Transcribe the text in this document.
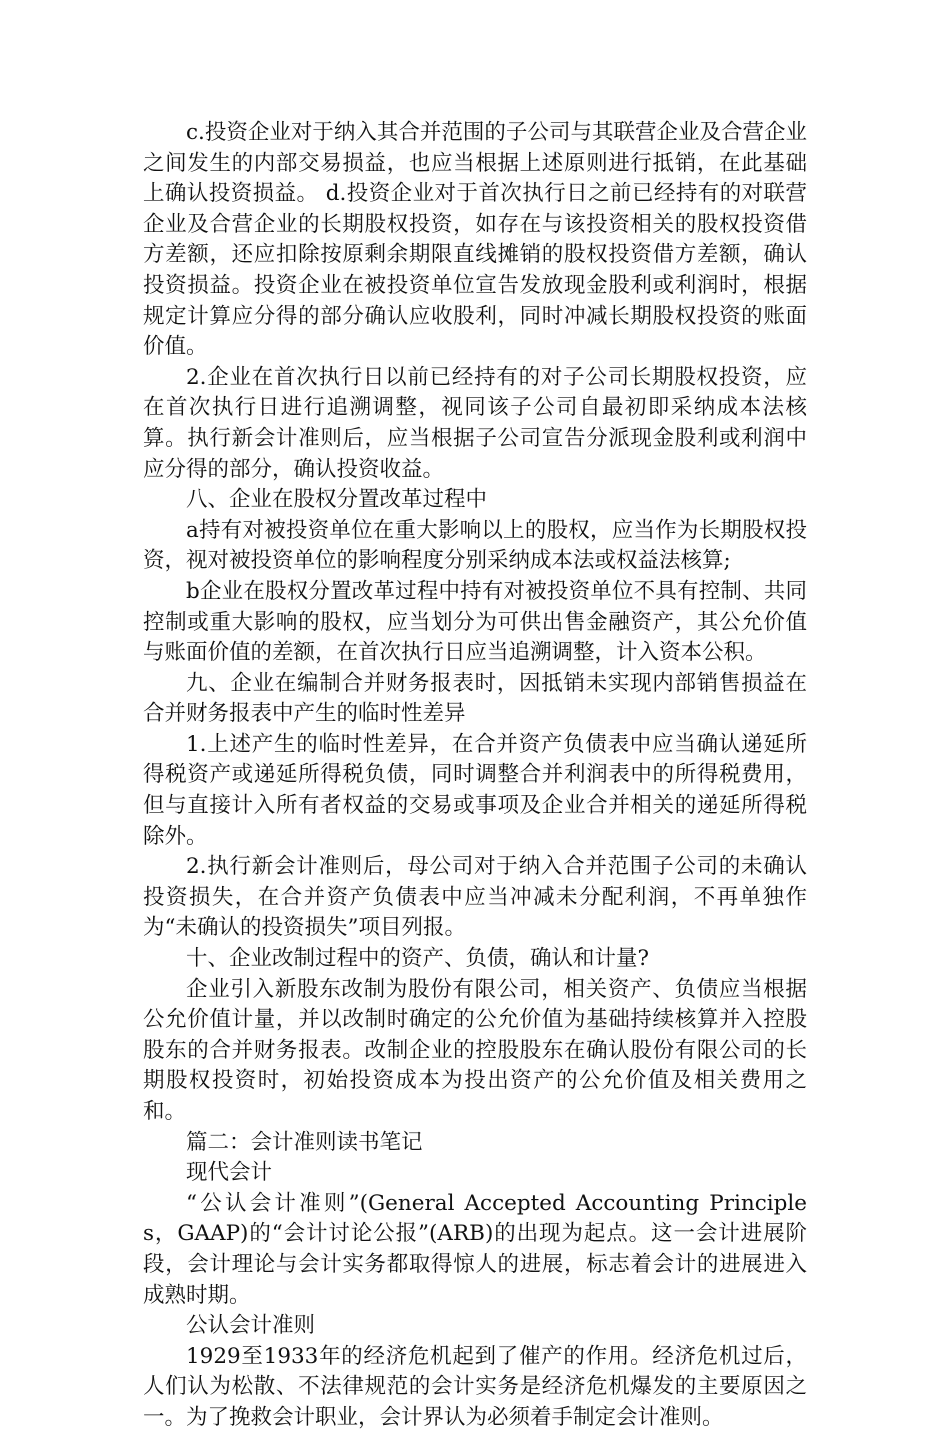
c.投资企业对于纳入其合并范围的子公司与其联营企业及合营企业之间发生的内部交易损益，也应当根据上述原则进行抵销，在此基础上确认投资损益。 d.投资企业对于首次执行日之前已经持有的对联营企业及合营企业的长期股权投资，如存在与该投资相关的股权投资借方差额，还应扣除按原剩余期限直线摊销的股权投资借方差额，确认投资损益。投资企业在被投资单位宣告发放现金股利或利润时，根据规定计算应分得的部分确认应收股利，同时冲减长期股权投资的账面价值。

2.企业在首次执行日以前已经持有的对子公司长期股权投资，应在首次执行日进行追溯调整，视同该子公司自最初即采纳成本法核算。执行新会计准则后，应当根据子公司宣告分派现金股利或利润中应分得的部分，确认投资收益。

八、企业在股权分置改革过程中

a持有对被投资单位在重大影响以上的股权，应当作为长期股权投资，视对被投资单位的影响程度分别采纳成本法或权益法核算;

b企业在股权分置改革过程中持有对被投资单位不具有控制、共同控制或重大影响的股权，应当划分为可供出售金融资产，其公允价值与账面价值的差额，在首次执行日应当追溯调整，计入资本公积。

九、企业在编制合并财务报表时，因抵销未实现内部销售损益在合并财务报表中产生的临时性差异

1.上述产生的临时性差异，在合并资产负债表中应当确认递延所得税资产或递延所得税负债，同时调整合并利润表中的所得税费用，但与直接计入所有者权益的交易或事项及企业合并相关的递延所得税除外。

2.执行新会计准则后，母公司对于纳入合并范围子公司的未确认投资损失，在合并资产负债表中应当冲减未分配利润，不再单独作为“未确认的投资损失”项目列报。

十、企业改制过程中的资产、负债，确认和计量?

企业引入新股东改制为股份有限公司，相关资产、负债应当根据公允价值计量，并以改制时确定的公允价值为基础持续核算并入控股股东的合并财务报表。改制企业的控股股东在确认股份有限公司的长期股权投资时，初始投资成本为投出资产的公允价值及相关费用之和。

篇二：会计准则读书笔记

现代会计

“公认会计准则”(General Accepted Accounting Principles，GAAP)的“会计讨论公报”(ARB)的出现为起点。这一会计进展阶段，会计理论与会计实务都取得惊人的进展，标志着会计的进展进入成熟时期。

公认会计准则

1929至1933年的经济危机起到了催产的作用。经济危机过后，人们认为松散、不法律规范的会计实务是经济危机爆发的主要原因之一。为了挽救会计职业，会计界认为必须着手制定会计准则。
